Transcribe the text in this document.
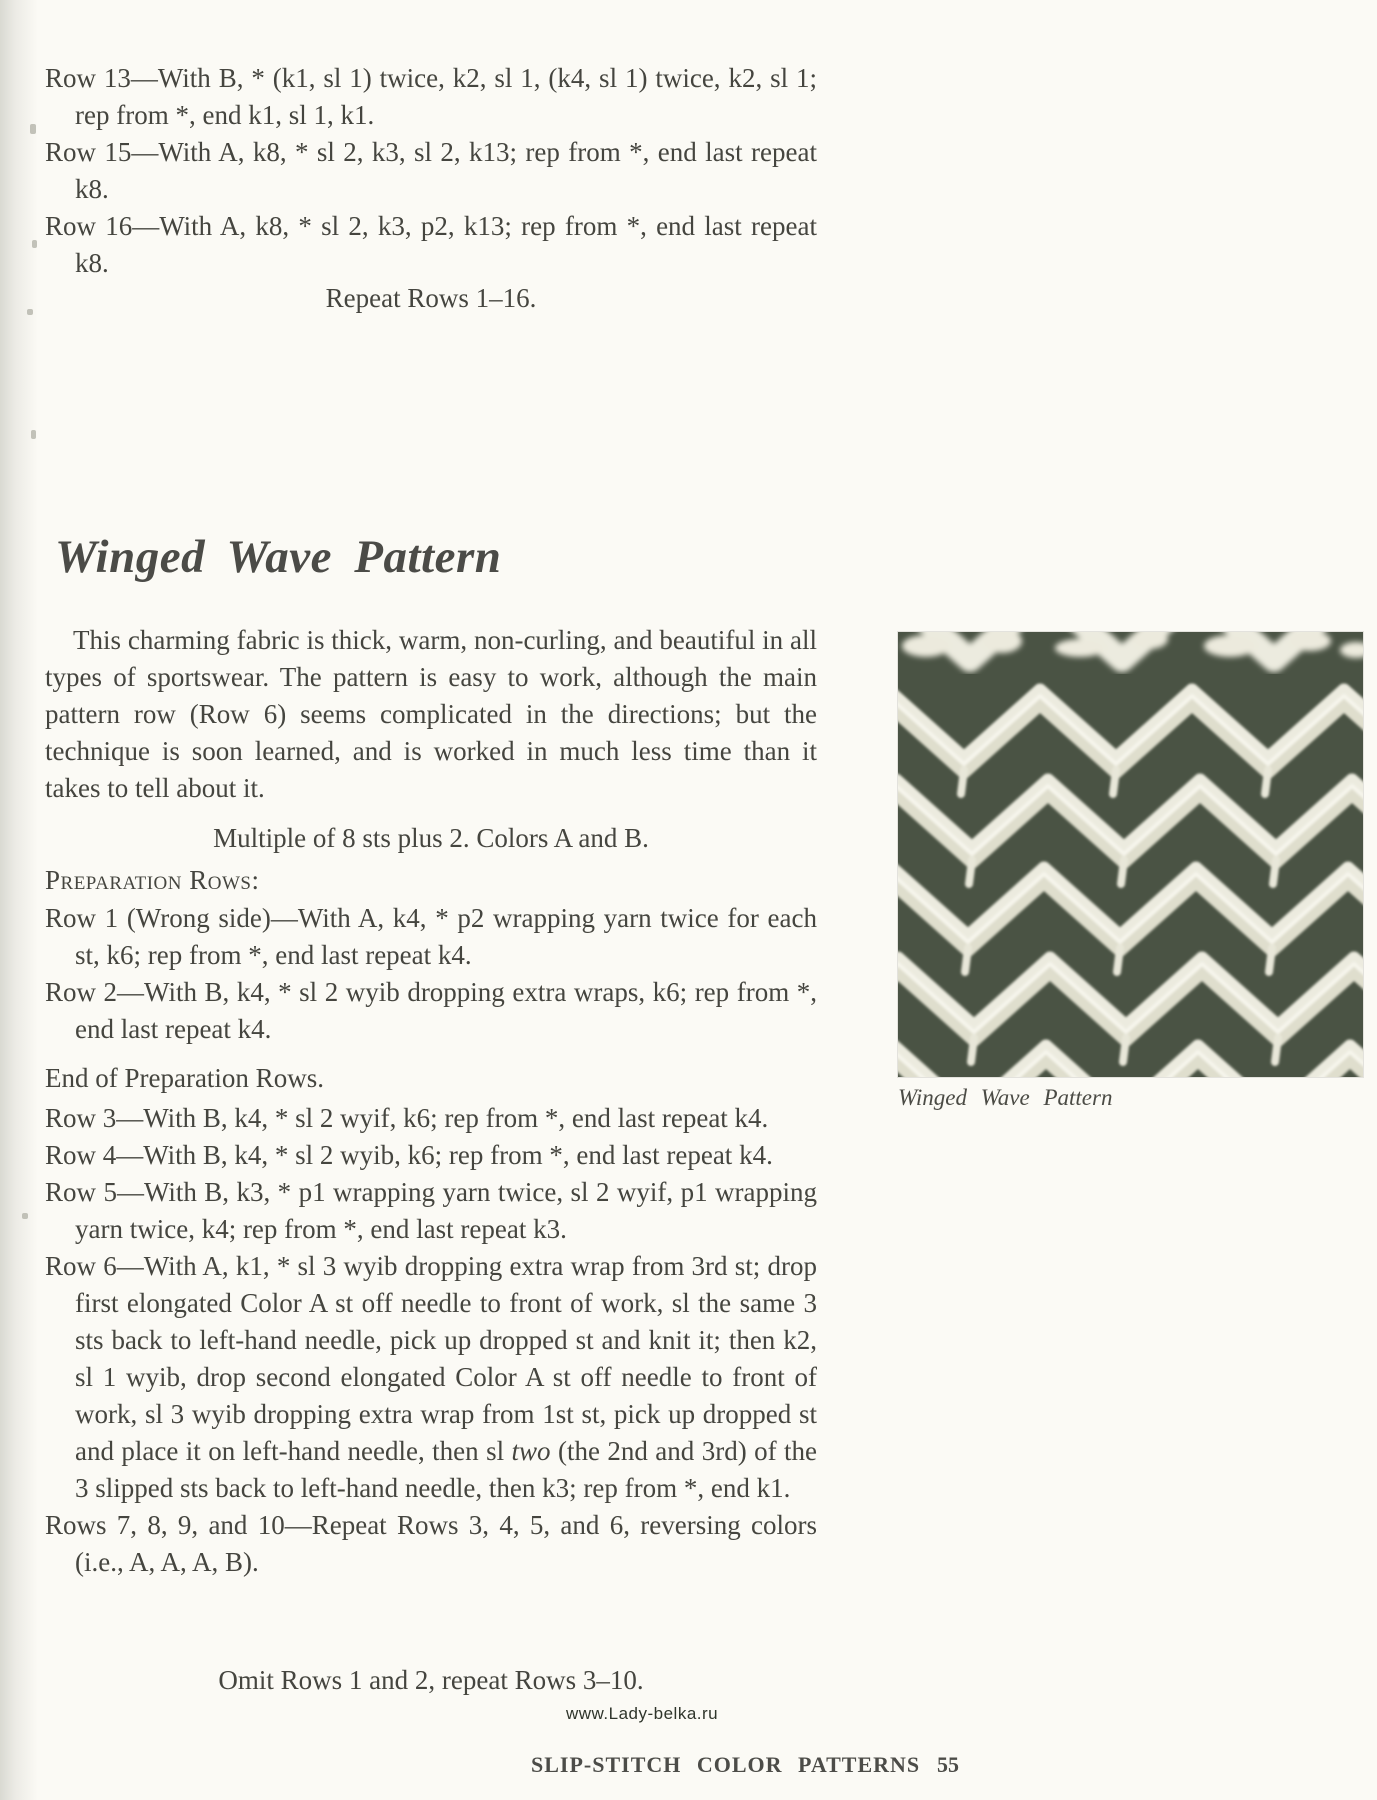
Row 13—With B, * (k1, sl 1) twice, k2, sl 1, (k4, sl 1) twice, k2, sl 1; rep from *, end k1, sl 1, k1.

Row 15—With A, k8, * sl 2, k3, sl 2, k13; rep from *, end last repeat k8.

Row 16—With A, k8, * sl 2, k3, p2, k13; rep from *, end last repeat k8.

Repeat Rows 1–16.

Winged Wave Pattern

This charming fabric is thick, warm, non-curling, and beautiful in all types of sportswear. The pattern is easy to work, although the main pattern row (Row 6) seems complicated in the directions; but the technique is soon learned, and is worked in much less time than it takes to tell about it.

Multiple of 8 sts plus 2. Colors A and B.

Preparation Rows:

Row 1 (Wrong side)—With A, k4, * p2 wrapping yarn twice for each st, k6; rep from *, end last repeat k4.

Row 2—With B, k4, * sl 2 wyib dropping extra wraps, k6; rep from *, end last repeat k4.

End of Preparation Rows.

Row 3—With B, k4, * sl 2 wyif, k6; rep from *, end last repeat k4.

Row 4—With B, k4, * sl 2 wyib, k6; rep from *, end last repeat k4.

Row 5—With B, k3, * p1 wrapping yarn twice, sl 2 wyif, p1 wrapping yarn twice, k4; rep from *, end last repeat k3.

Row 6—With A, k1, * sl 3 wyib dropping extra wrap from 3rd st; drop first elongated Color A st off needle to front of work, sl the same 3 sts back to left-hand needle, pick up dropped st and knit it; then k2, sl 1 wyib, drop second elongated Color A st off needle to front of work, sl 3 wyib dropping extra wrap from 1st st, pick up dropped st and place it on left-hand needle, then sl two (the 2nd and 3rd) of the 3 slipped sts back to left-hand needle, then k3; rep from *, end k1.

Rows 7, 8, 9, and 10—Repeat Rows 3, 4, 5, and 6, reversing colors (i.e., A, A, A, B).

Omit Rows 1 and 2, repeat Rows 3–10.

Winged Wave Pattern

www.Lady-belka.ru

SLIP-STITCH COLOR PATTERNS 55
